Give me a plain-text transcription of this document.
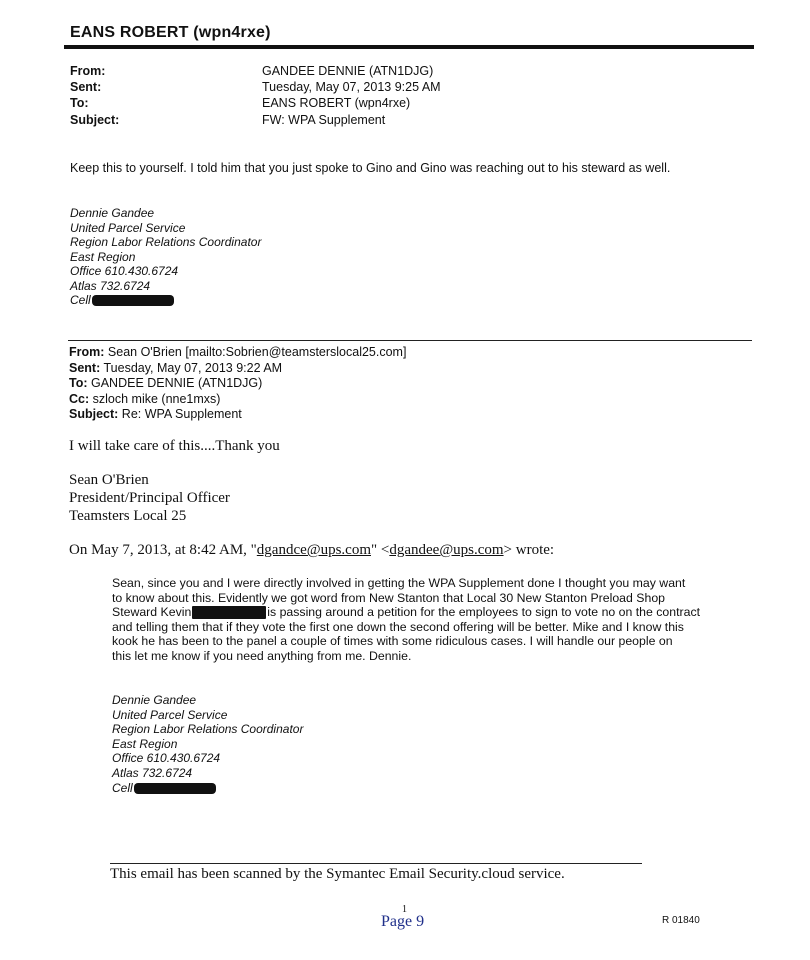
EANS ROBERT (wpn4rxe)
From:	GANDEE DENNIE (ATN1DJG)
Sent:	Tuesday, May 07, 2013 9:25 AM
To:	EANS ROBERT (wpn4rxe)
Subject:	FW: WPA Supplement
Keep this to yourself. I told him that you just spoke to Gino and Gino was reaching out to his steward as well.
Dennie Gandee
United Parcel Service
Region Labor Relations Coordinator
East Region
Office 610.430.6724
Atlas 732.6724
Cell
From: Sean O'Brien [mailto:Sobrien@teamsterslocal25.com]
Sent: Tuesday, May 07, 2013 9:22 AM
To: GANDEE DENNIE (ATN1DJG)
Cc: szloch mike (nne1mxs)
Subject: Re: WPA Supplement
I will take care of this....Thank you
Sean O'Brien
President/Principal Officer
Teamsters Local 25
On May 7, 2013, at 8:42 AM, "dgandce@ups.com" <dgandee@ups.com> wrote:
Sean, since you and I were directly involved in getting the WPA Supplement done I thought you may want
to know about this. Evidently we got word from New Stanton that Local 30 New Stanton Preload Shop
Steward Kevin	is passing around a petition for the employees to sign to vote no on the contract
and telling them that if they vote the first one down the second offering will be better. Mike and I know this
kook he has been to the panel a couple of times with some ridiculous cases. I will handle our people on
this let me know if you need anything from me. Dennie.
Dennie Gandee
United Parcel Service
Region Labor Relations Coordinator
East Region
Office 610.430.6724
Atlas 732.6724
Cell
This email has been scanned by the Symantec Email Security.cloud service.
1
Page 9	R 01840
